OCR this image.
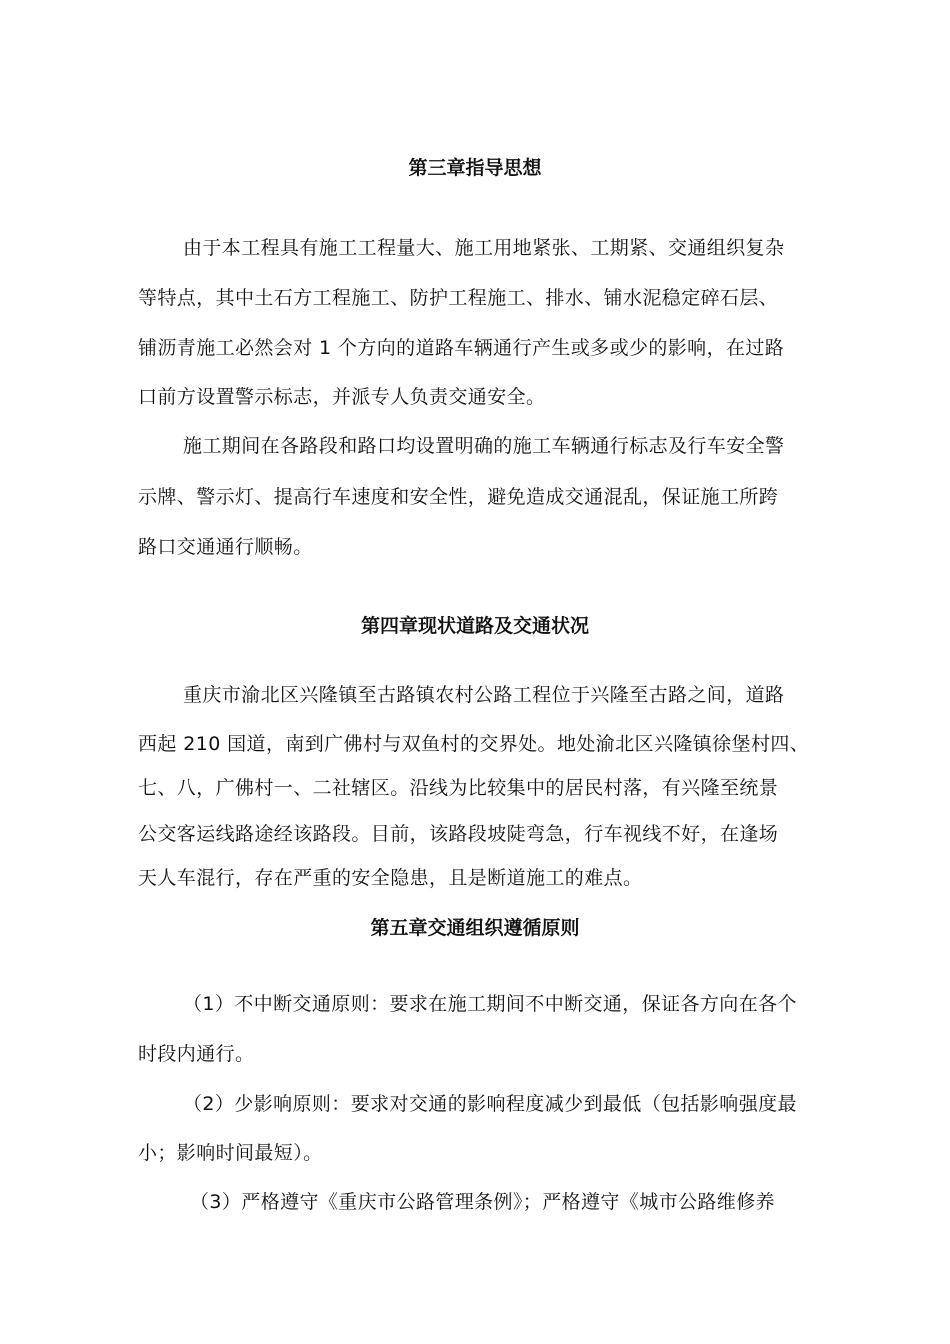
第三章指导思想
由于本工程具有施工工程量大、施工用地紧张、工期紧、交通组织复杂
等特点，其中土石方工程施工、防护工程施工、排水、铺水泥稳定碎石层、
铺沥青施工必然会对 1 个方向的道路车辆通行产生或多或少的影响，在过路
口前方设置警示标志，并派专人负责交通安全。
施工期间在各路段和路口均设置明确的施工车辆通行标志及行车安全警
示牌、警示灯、提高行车速度和安全性，避免造成交通混乱，保证施工所跨
路口交通通行顺畅。
第四章现状道路及交通状况
重庆市渝北区兴隆镇至古路镇农村公路工程位于兴隆至古路之间，道路
西起 210 国道，南到广佛村与双鱼村的交界处。地处渝北区兴隆镇徐堡村四、
七、八，广佛村一、二社辖区。沿线为比较集中的居民村落，有兴隆至统景
公交客运线路途经该路段。目前，该路段坡陡弯急，行车视线不好，在逢场
天人车混行，存在严重的安全隐患，且是断道施工的难点。
第五章交通组织遵循原则
（1）不中断交通原则：要求在施工期间不中断交通，保证各方向在各个
时段内通行。
（2）少影响原则：要求对交通的影响程度减少到最低（包括影响强度最
小；影响时间最短）。
（3）严格遵守《重庆市公路管理条例》；严格遵守《城市公路维修养
